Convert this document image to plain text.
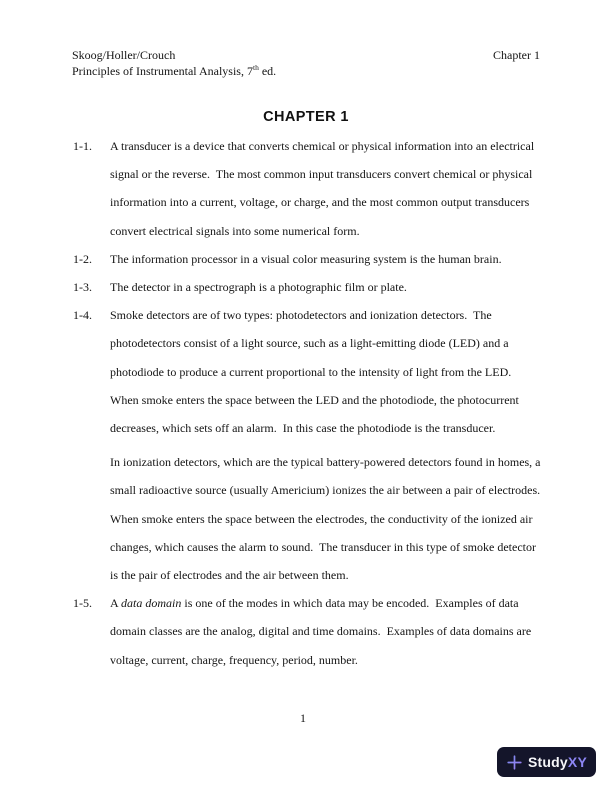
Skoog/Holler/Crouch
Principles of Instrumental Analysis, 7th ed.
Chapter 1
CHAPTER 1
1-1. A transducer is a device that converts chemical or physical information into an electrical
signal or the reverse.  The most common input transducers convert chemical or physical
information into a current, voltage, or charge, and the most common output transducers
convert electrical signals into some numerical form.
1-2. The information processor in a visual color measuring system is the human brain.
1-3. The detector in a spectrograph is a photographic film or plate.
1-4. Smoke detectors are of two types: photodetectors and ionization detectors.  The
photodetectors consist of a light source, such as a light-emitting diode (LED) and a
photodiode to produce a current proportional to the intensity of light from the LED.
When smoke enters the space between the LED and the photodiode, the photocurrent
decreases, which sets off an alarm.  In this case the photodiode is the transducer.
In ionization detectors, which are the typical battery-powered detectors found in homes, a
small radioactive source (usually Americium) ionizes the air between a pair of electrodes.
When smoke enters the space between the electrodes, the conductivity of the ionized air
changes, which causes the alarm to sound.  The transducer in this type of smoke detector
is the pair of electrodes and the air between them.
1-5. A data domain is one of the modes in which data may be encoded.  Examples of data
domain classes are the analog, digital and time domains.  Examples of data domains are
voltage, current, charge, frequency, period, number.
1
StudyXY
